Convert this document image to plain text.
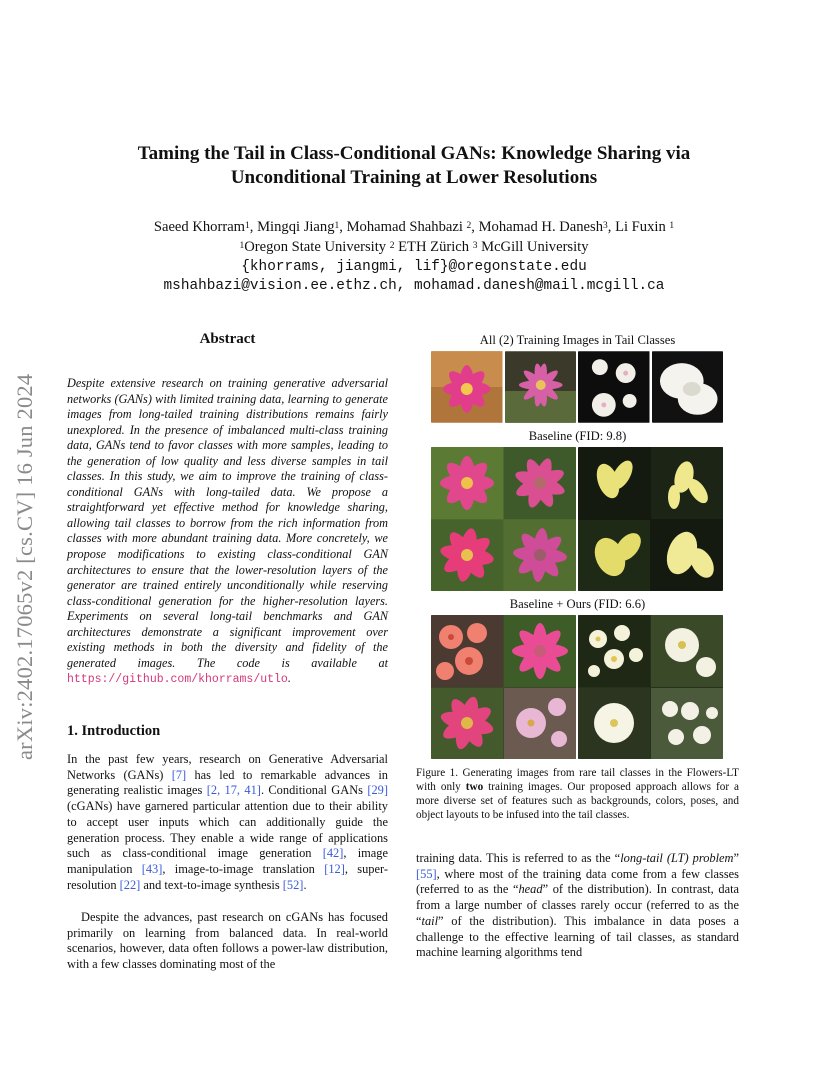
arXiv:2402.17065v2 [cs.CV] 16 Jun 2024
Taming the Tail in Class-Conditional GANs: Knowledge Sharing via
Unconditional Training at Lower Resolutions
Saeed Khorram$^1$, Mingqi Jiang$^1$, Mohamad Shahbazi $^2$, Mohamad H. Danesh$^3$, Li Fuxin $^1$
$^1$Oregon State University $^2$ ETH Zürich $^3$ McGill University
{khorrams, jiangmi, lif}@oregonstate.edu
mshahbazi@vision.ee.ethz.ch, mohamad.danesh@mail.mcgill.ca
Abstract
Despite extensive research on training generative adversarial networks (GANs) with limited training data, learning to generate images from long-tailed training distributions remains fairly unexplored. In the presence of imbalanced multi-class training data, GANs tend to favor classes with more samples, leading to the generation of low quality and less diverse samples in tail classes. In this study, we aim to improve the training of class-conditional GANs with long-tailed data. We propose a straightforward yet effective method for knowledge sharing, allowing tail classes to borrow from the rich information from classes with more abundant training data. More concretely, we propose modifications to existing class-conditional GAN architectures to ensure that the lower-resolution layers of the generator are trained entirely unconditionally while reserving class-conditional generation for the higher-resolution layers. Experiments on several long-tail benchmarks and GAN architectures demonstrate a significant improvement over existing methods in both the diversity and fidelity of the generated images. The code is available at https://github.com/khorrams/utlo.
1. Introduction
In the past few years, research on Generative Adversarial Networks (GANs) [7] has led to remarkable advances in generating realistic images [2, 17, 41]. Conditional GANs [29] (cGANs) have garnered particular attention due to their ability to accept user inputs which can additionally guide the generation process. They enable a wide range of applications such as class-conditional image generation [42], image manipulation [43], image-to-image translation [12], super-resolution [22] and text-to-image synthesis [52].
Despite the advances, past research on cGANs has focused primarily on learning from balanced data. In real-world scenarios, however, data often follows a power-law distribution, with a few classes dominating most of the
All (2) Training Images in Tail Classes
Baseline (FID: 9.8)
Baseline + Ours (FID: 6.6)
Figure 1. Generating images from rare tail classes in the Flowers-LT with only two training images. Our proposed approach allows for a more diverse set of features such as backgrounds, colors, poses, and object layouts to be infused into the tail classes.
training data. This is referred to as the “long-tail (LT) problem” [55], where most of the training data come from a few classes (referred to as the “head” of the distribution). In contrast, data from a large number of classes rarely occur (referred to as the “tail” of the distribution). This imbalance in data poses a challenge to the effective learning of tail classes, as standard machine learning algorithms tend
